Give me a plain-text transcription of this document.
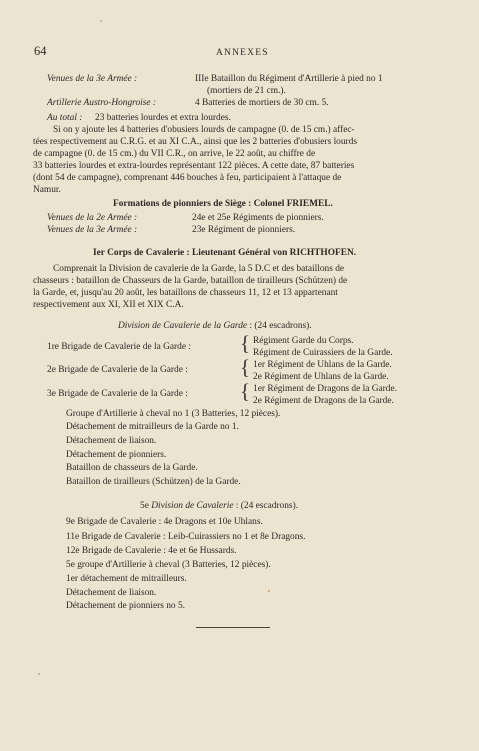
64	ANNEXES
Venues de la 3e Armée :	IIIe Bataillon du Régiment d'Artillerie à pied no 1
(mortiers de 21 cm.).
Artillerie Austro-Hongroise :	4 Batteries de mortiers de 30 cm. 5.
Au total : 23 batteries lourdes et extra lourdes.
Si on y ajoute les 4 batteries d'obusiers lourds de campagne (0. de 15 cm.) affec-
tées respectivement au C.R.G. et au XI C.A., ainsi que les 2 batteries d'obusiers lourds
de campagne (0. de 15 cm.) du VII C.R., on arrive, le 22 août, au chiffre de
33 batteries lourdes et extra-lourdes représentant 122 pièces. A cette date, 87 batteries
(dont 54 de campagne), comprenant 446 bouches à feu, participaient à l'attaque de
Namur.
Formations de pionniers de Siège : Colonel FRIEMEL.
Venues de la 2e Armée :	24e et 25e Régiments de pionniers.
Venues de la 3e Armée :	23e Régiment de pionniers.
Ier Corps de Cavalerie : Lieutenant Général von RICHTHOFEN.
Comprenait la Division de cavalerie de la Garde, la 5 D.C et des bataillons de
chasseurs : bataillon de Chasseurs de la Garde, bataillon de tirailleurs (Schützen) de
la Garde, et, jusqu'au 20 août, les bataillons de chasseurs 11, 12 et 13 appartenant
respectivement aux XI, XII et XIX C.A.
Division de Cavalerie de la Garde : (24 escadrons).
1re Brigade de Cavalerie de la Garde : { Régiment Garde du Corps.
Régiment de Cuirassiers de la Garde.
2e Brigade de Cavalerie de la Garde : { 1er Régiment de Uhlans de la Garde.
2e Régiment de Uhlans de la Garde.
3e Brigade de Cavalerie de la Garde : { 1er Régiment de Dragons de la Garde.
2e Régiment de Dragons de la Garde.
Groupe d'Artillerie à cheval no 1 (3 Batteries, 12 pièces).
Détachement de mitrailleurs de la Garde no 1.
Détachement de liaison.
Détachement de pionniers.
Bataillon de chasseurs de la Garde.
Bataillon de tirailleurs (Schützen) de la Garde.
5e Division de Cavalerie : (24 escadrons).
9e Brigade de Cavalerie : 4e Dragons et 10e Uhlans.
11e Brigade de Cavalerie : Leib-Cuirassiers no 1 et 8e Dragons.
12e Brigade de Cavalerie : 4e et 6e Hussards.
5e groupe d'Artillerie à cheval (3 Batteries, 12 pièces).
1er détachement de mitrailleurs.
Détachement de liaison.
Détachement de pionniers no 5.
